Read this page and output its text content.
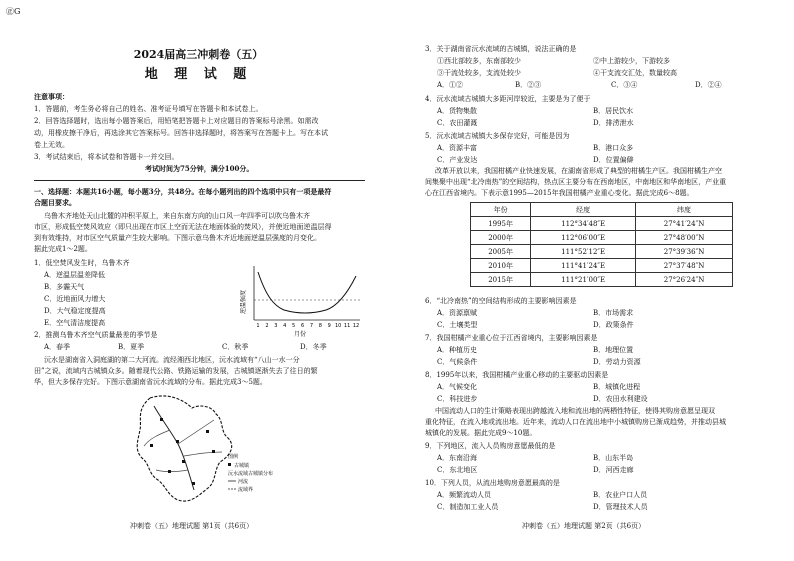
㊣G
2024届高三冲刺卷（五）
地 理 试 题
注意事项：
1．答题前，考生务必将自己的姓名、准考证号填写在答题卡和本试卷上。
2．回答选择题时，选出每小题答案后，用铅笔把答题卡上对应题目的答案标号涂黑。如需改
动，用橡皮擦干净后，再选涂其它答案标号。回答非选择题时，将答案写在答题卡上。写在本试
卷上无效。
3．考试结束后，将本试卷和答题卡一并交回。
考试时间为75分钟，满分100分。
一、选择题：本题共16小题，每小题3分，共48分。在每小题列出的四个选项中只有一项是最符
合题目要求。
乌鲁木齐地处天山北麓的冲积平原上，来自东南方向的山口风一年四季可以吹乌鲁木齐
市区，形成低空焚风效应（即只出现在市区上空而无法在地面体验的焚风），并使近地面逆温层得
到有效维持，对市区空气质量产生较大影响。下图示意乌鲁木齐近地面逆温层强度的月变化。
据此完成1～2题。
1．低空焚风发生时，乌鲁木齐
A．逆温层温差降低
B．多霾天气
C．近地面风力增大
D．大气稳定度提高
E．空气清洁度提高
2．推测乌鲁木齐空气质量最差的季节是
A．春季	B．夏季	C．秋季	D．冬季
逆温强度
1 2 3 4 5 6 7 8 9 10 11 12
月份
沅水是湖南省入洞庭湖的第二大河流。流经湘西北地区，沅水流域有“八山一水一分
田”之说，流域内古城镇众多。随着现代公路、铁路运输的发展，古城镇逐渐失去了往日的繁
华，但大多保存完好。下图示意湖南省沅水流域的分布。据此完成3～5题。
图例
古城镇
沅水流域古城镇分布
河流
流域界
冲刺卷（五）地理试题 第1页（共6页）
3．关于湖南省沅水流域的古城镇，说法正确的是
①西北部较多，东南部较少	②中上游较少，下游较多
③干流处较多，支流处较少	④干支流交汇处，数量较高
A．①②	B．②③	C．③④	D．②④
4．沅水流域古城镇大多距河岸较近，主要是为了便于
A．货物集散	B．居民饮水
C．农田灌溉	D．排涝泄水
5．沅水流域古城镇大多保存完好，可能是因为
A．资源丰富	B．港口众多
C．产业发达	D．位置偏僻
改革开放以来，我国柑橘产业快速发展，在湖南省形成了典型的柑橘生产区。我国柑橘生产空
间集聚中出现“北冷南热”的空间结构，热点区主要分布在西南地区，中南地区和华南地区，产业重
心在江西省境内。下表示意1995—2015年我国柑橘产业重心变化。据此完成6～8题。
年份	经度	纬度
1995年	112°34′48″E	27°41′24″N
2000年	112°06′00″E	27°48′00″N
2005年	111°52′12″E	27°39′36″N
2010年	111°41′24″E	27°37′48″N
2015年	111°21′00″E	27°26′24″N
6．“北冷南热”的空间结构形成的主要影响因素是
A．资源禀赋	B．市场需求
C．土壤类型	D．政策条件
7．我国柑橘产业重心位于江西省境内，主要影响因素是
A．种植历史	B．地理位置
C．气候条件	D．劳动力资源
8．1995年以来，我国柑橘产业重心移动的主要驱动因素是
A．气候变化	B．城镇化进程
C．科技进步	D．农田水利建设
中国流动人口的生计策略表现出跨越流入地和流出地的两栖性特征，使得其购房意愿呈现双
重化特征，在流入地或流出地。近年来，流动人口在流出地中小城镇购房已渐成趋势，并推动县城
城镇化的发展。据此完成9～10题。
9．下列地区，流入人员购房意愿最低的是
A．东南沿海	B．山东半岛
C．东北地区	D．河西走廊
10．下列人员，从流出地购房意愿最高的是
A．频繁流动人员	B．农业户口人员
C．制造加工业人员	D．管理技术人员
冲刺卷（五）地理试题 第2页（共6页）
